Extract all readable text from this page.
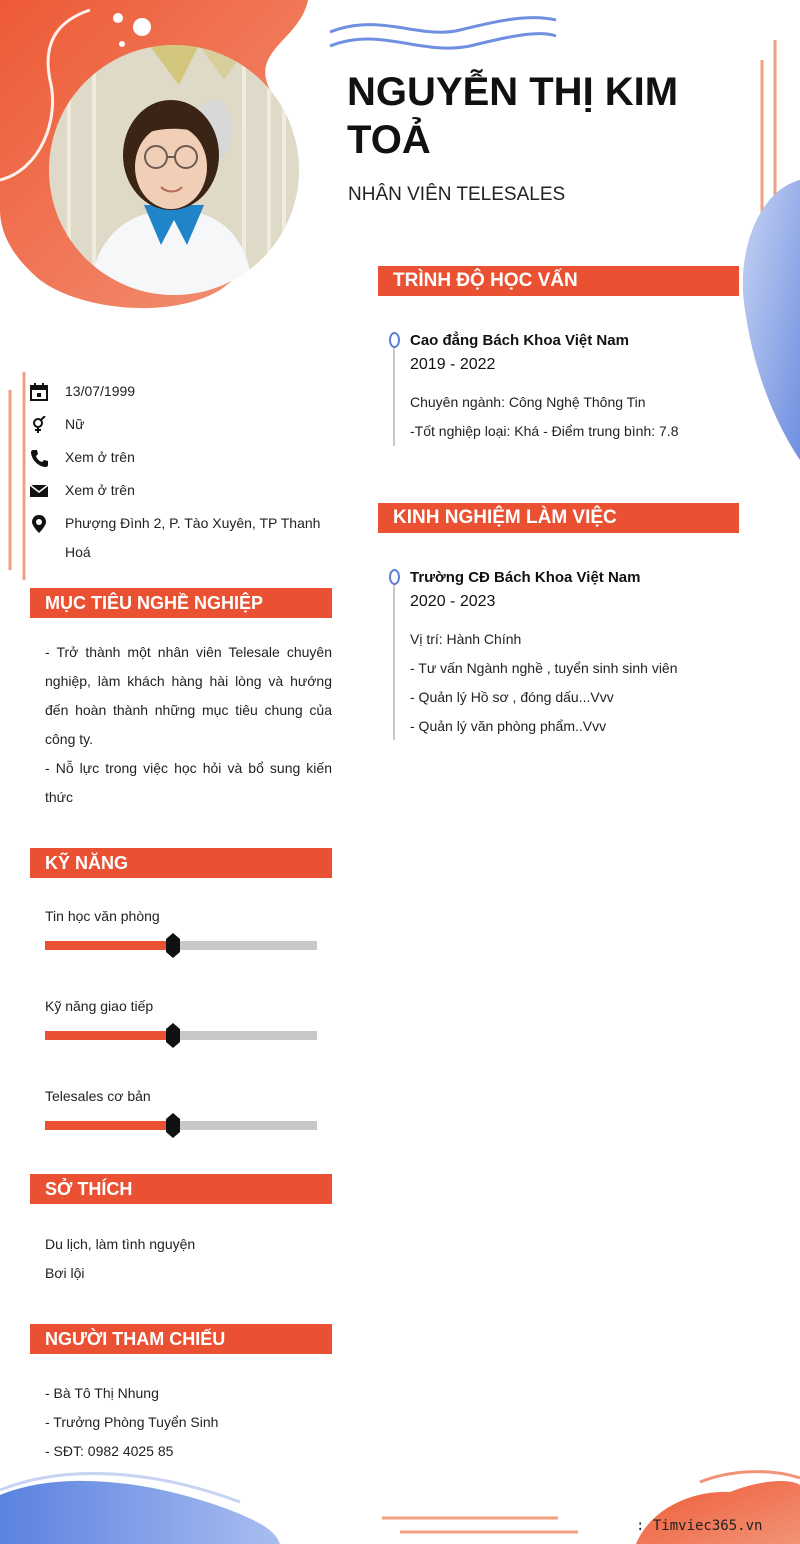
NGUYỄN THỊ KIM TOẢ
NHÂN VIÊN TELESALES
13/07/1999
Nữ
Xem ở trên
Xem ở trên
Phượng Đình 2, P. Tào Xuyên, TP Thanh Hoá
MỤC TIÊU NGHỀ NGHIỆP

- Trở thành một nhân viên Telesale chuyên nghiệp, làm khách hàng hài lòng và hướng đến hoàn thành những mục tiêu chung của công ty.

- Nỗ lực trong việc học hỏi và bổ sung kiến thức

KỸ NĂNG
Tin học văn phòng
Kỹ năng giao tiếp
Telesales cơ bản
SỞ THÍCH
Du lịch, làm tình nguyện
Bơi lội
NGƯỜI THAM CHIẾU
- Bà Tô Thị Nhung
- Trưởng Phòng Tuyển Sinh
- SĐT: 0982 4025 85
TRÌNH ĐỘ HỌC VẤN
Cao đẳng Bách Khoa Việt Nam
2019 - 2022
Chuyên ngành: Công Nghệ Thông Tin
-Tốt nghiệp loại: Khá - Điểm trung bình: 7.8
KINH NGHIỆM LÀM VIỆC
Trường CĐ Bách Khoa Việt Nam
2020 - 2023
Vị trí: Hành Chính
- Tư vấn Ngành nghề , tuyển sinh sinh viên
- Quản lý Hồ sơ , đóng dấu...Vvv
- Quản lý văn phòng phẩm..Vvv
: Timviec365.vn
